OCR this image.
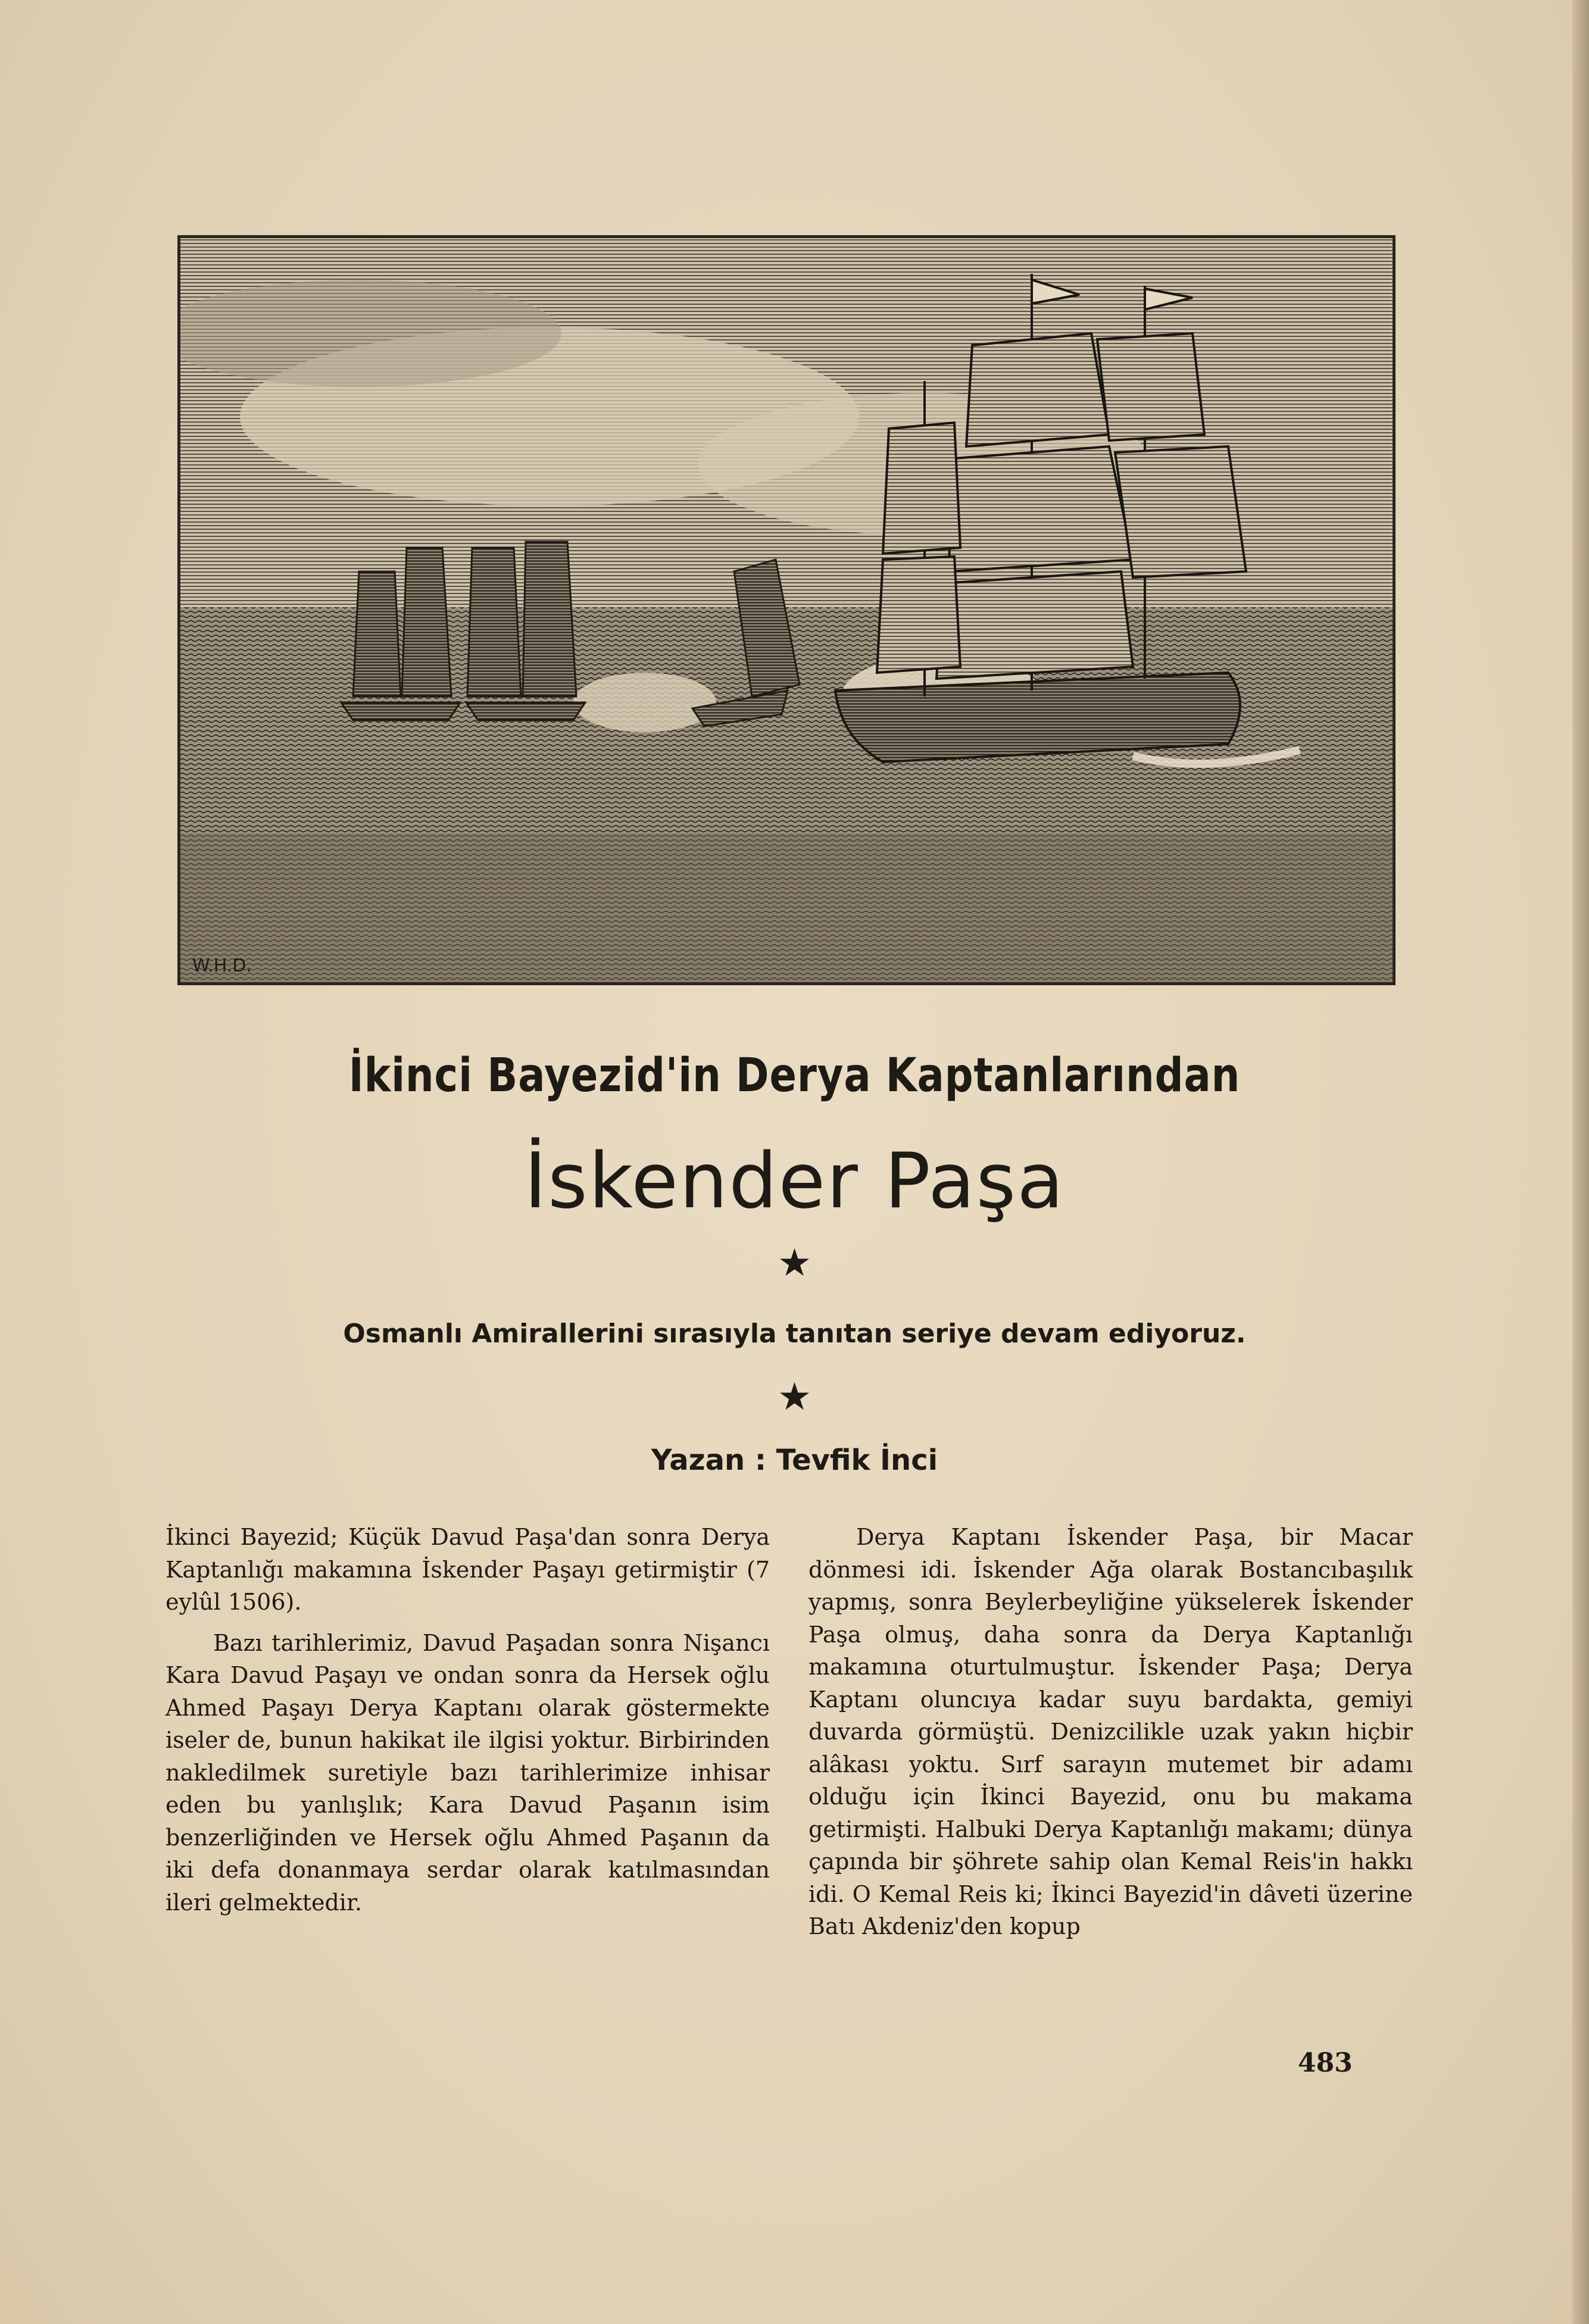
W.H.D.
İkinci Bayezid'in Derya Kaptanlarından
İskender Paşa
★
Osmanlı Amirallerini sırasıyla tanıtan seriye devam ediyoruz.
★
Yazan : Tevfik İnci

İkinci Bayezid; Küçük Davud Paşa'dan sonra Derya Kaptanlığı makamına İskender Paşayı getirmiştir (7 eylûl 1506).

Bazı tarihlerimiz, Davud Paşadan sonra Nişancı Kara Davud Paşayı ve ondan sonra da Hersek oğlu Ahmed Paşayı Derya Kaptanı olarak göstermekte iseler de, bunun hakikat ile ilgisi yoktur. Birbirinden nakledilmek suretiyle bazı tarihlerimize inhisar eden bu yanlışlık; Kara Davud Paşanın isim benzerliğinden ve Hersek oğlu Ahmed Paşanın da iki defa donanmaya serdar olarak katılmasından ileri gelmektedir.

Derya Kaptanı İskender Paşa, bir Macar dönmesi idi. İskender Ağa olarak Bostancıbaşılık yapmış, sonra Beylerbeyliğine yükselerek İskender Paşa olmuş, daha sonra da Derya Kaptanlığı makamına oturtulmuştur. İskender Paşa; Derya Kaptanı oluncıya kadar suyu bardakta, gemiyi duvarda görmüştü. Denizcilikle uzak yakın hiçbir alâkası yoktu. Sırf sarayın mutemet bir adamı olduğu için İkinci Bayezid, onu bu makama getirmişti. Halbuki Derya Kaptanlığı makamı; dünya çapında bir şöhrete sahip olan Kemal Reis'in hakkı idi. O Kemal Reis ki; İkinci Bayezid'in dâveti üzerine Batı Akdeniz'den kopup

483
